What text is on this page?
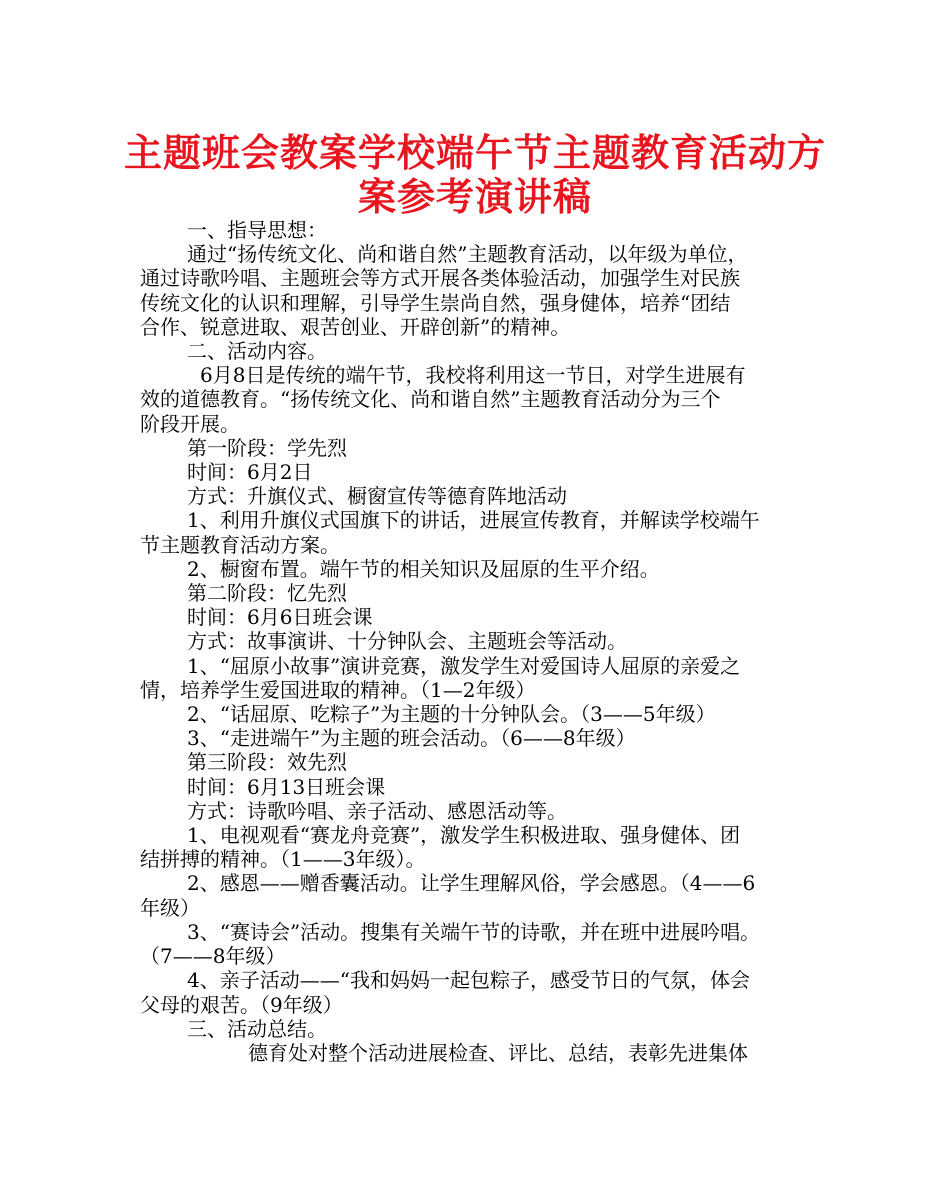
主题班会教案学校端午节主题教育活动方
案参考演讲稿

一、指导思想：

通过“扬传统文化、尚和谐自然”主题教育活动，以年级为单位，

通过诗歌吟唱、主题班会等方式开展各类体验活动，加强学生对民族

传统文化的认识和理解，引导学生崇尚自然，强身健体，培养“团结

合作、锐意进取、艰苦创业、开辟创新”的精神。

二、活动内容。

6月8日是传统的端午节，我校将利用这一节日，对学生进展有

效的道德教育。“扬传统文化、尚和谐自然”主题教育活动分为三个

阶段开展。

第一阶段：学先烈

时间：6月2日

方式：升旗仪式、橱窗宣传等德育阵地活动

1、利用升旗仪式国旗下的讲话，进展宣传教育，并解读学校端午

节主题教育活动方案。

2、橱窗布置。端午节的相关知识及屈原的生平介绍。

第二阶段：忆先烈

时间：6月6日班会课

方式：故事演讲、十分钟队会、主题班会等活动。

1、“屈原小故事”演讲竞赛，激发学生对爱国诗人屈原的亲爱之

情，培养学生爱国进取的精神。（1—2年级）

2、“话屈原、吃粽子”为主题的十分钟队会。（3——5年级）

3、“走进端午”为主题的班会活动。（6——8年级）

第三阶段：效先烈

时间：6月13日班会课

方式：诗歌吟唱、亲子活动、感恩活动等。

1、电视观看“赛龙舟竞赛”，激发学生积极进取、强身健体、团

结拼搏的精神。（1——3年级）。

2、感恩——赠香囊活动。让学生理解风俗，学会感恩。（4——6

年级）

3、“赛诗会”活动。搜集有关端午节的诗歌，并在班中进展吟唱。

（7——8年级）

4、亲子活动——“我和妈妈一起包粽子，感受节日的气氛，体会

父母的艰苦。（9年级）

三、活动总结。

德育处对整个活动进展检查、评比、总结，表彰先进集体
